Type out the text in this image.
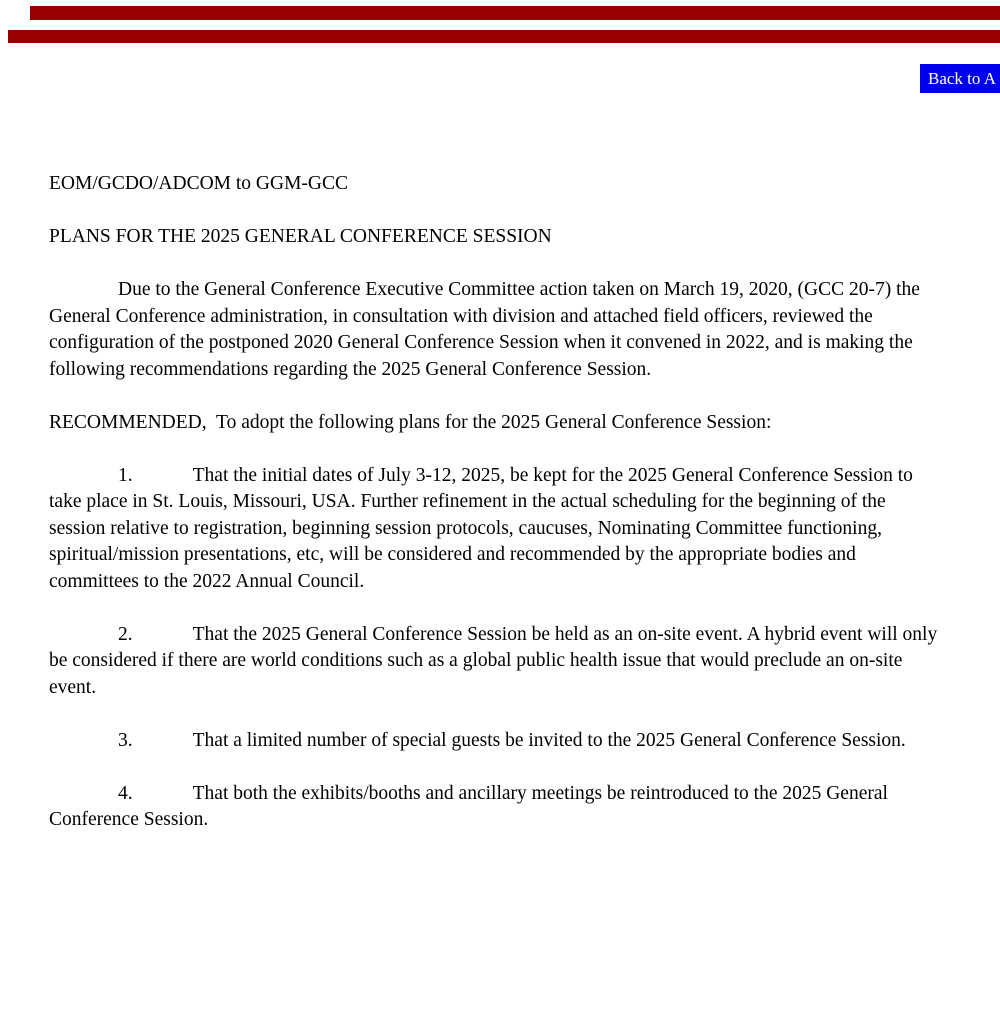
Back to A

EOM/GCDO/ADCOM to GGM-GCC

PLANS FOR THE 2025 GENERAL CONFERENCE SESSION

Due to the General Conference Executive Committee action taken on March 19, 2020, (GCC 20-7) the General Conference administration, in consultation with division and attached field officers, reviewed the configuration of the postponed 2020 General Conference Session when it convened in 2022, and is making the following recommendations regarding the 2025 General Conference Session.

RECOMMENDED,  To adopt the following plans for the 2025 General Conference Session:

1.	That the initial dates of July 3-12, 2025, be kept for the 2025 General Conference Session to take place in St. Louis, Missouri, USA. Further refinement in the actual scheduling for the beginning of the session relative to registration, beginning session protocols, caucuses, Nominating Committee functioning, spiritual/mission presentations, etc, will be considered and recommended by the appropriate bodies and committees to the 2022 Annual Council.

2.	That the 2025 General Conference Session be held as an on-site event. A hybrid event will only be considered if there are world conditions such as a global public health issue that would preclude an on-site event.

3.	That a limited number of special guests be invited to the 2025 General Conference Session.

4.	That both the exhibits/booths and ancillary meetings be reintroduced to the 2025 General Conference Session.
